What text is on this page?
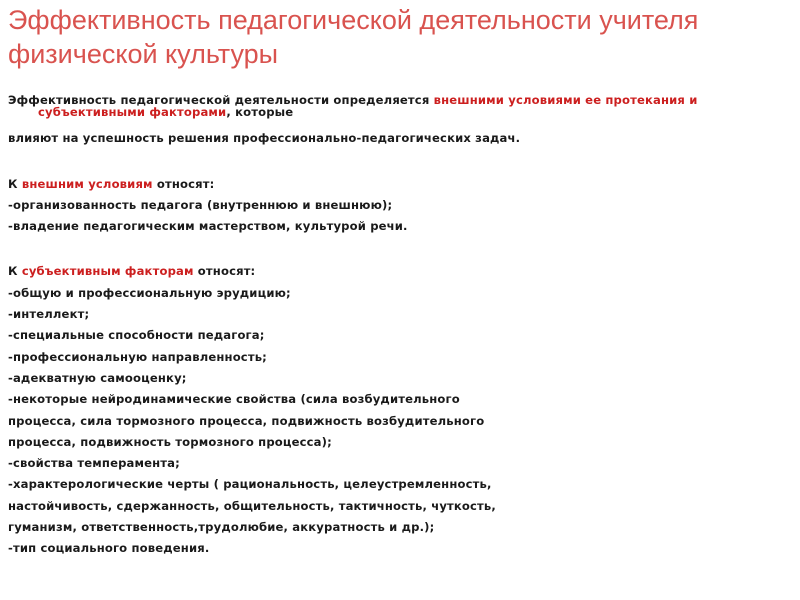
Эффективность педагогической деятельности учителя физической культуры
Эффективность педагогической деятельности определяется внешними условиями ее протекания и
субъективными факторами, которые
влияют на успешность решения профессионально-педагогических задач.
К внешним условиям относят:
-организованность педагога (внутреннюю и внешнюю);
-владение педагогическим мастерством, культурой речи.
К субъективным факторам относят:
-общую и профессиональную эрудицию;
-интеллект;
-специальные способности педагога;
-профессиональную направленность;
-адекватную самооценку;
-некоторые нейродинамические свойства (сила возбудительного
процесса, сила тормозного процесса, подвижность возбудительного
процесса, подвижность тормозного процесса);
-свойства темперамента;
-характерологические черты ( рациональность, целеустремленность,
настойчивость, сдержанность, общительность, тактичность, чуткость,
гуманизм, ответственность,трудолюбие, аккуратность и др.);
-тип социального поведения.
